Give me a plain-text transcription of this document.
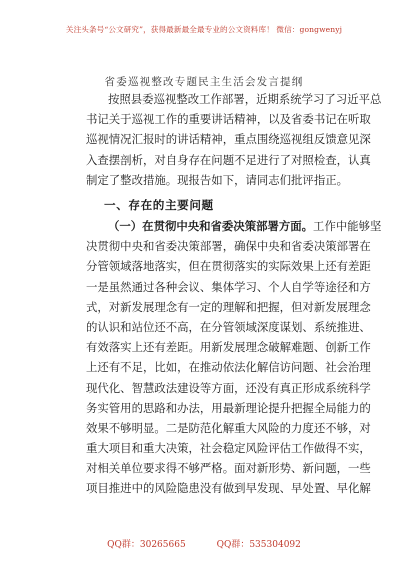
关注头条号“公文研究”，获得最新最全最专业的公文资料库！ 微信：gongwenyj
省委巡视整改专题民主生活会发言提纲
按照县委巡视整改工作部署，近期系统学习了习近平总
书记关于巡视工作的重要讲话精神，以及省委书记在听取
巡视情况汇报时的讲话精神，重点围绕巡视组反馈意见深
入查摆剖析，对自身存在问题不足进行了对照检查，认真
制定了整改措施。现报告如下，请同志们批评指正。
一、存在的主要问题
（一）在贯彻中央和省委决策部署方面。工作中能够坚
决贯彻中央和省委决策部署，确保中央和省委决策部署在
分管领域落地落实，但在贯彻落实的实际效果上还有差距
一是虽然通过各种会议、集体学习、个人自学等途径和方
式，对新发展理念有一定的理解和把握，但对新发展理念
的认识和站位还不高，在分管领域深度谋划、系统推进、
有效落实上还有差距。用新发展理念破解难题、创新工作
上还有不足，比如，在推动依法化解信访问题、社会治理
现代化、智慧政法建设等方面，还没有真正形成系统科学
务实管用的思路和办法，用最新理论提升把握全局能力的
效果不够明显。二是防范化解重大风险的力度还不够，对
重大项目和重大决策，社会稳定风险评估工作做得不实，
对相关单位要求得不够严格。面对新形势、新问题，一些
项目推进中的风险隐患没有做到早发现、早处置、早化解
QQ群：30265665	QQ群：535304092
